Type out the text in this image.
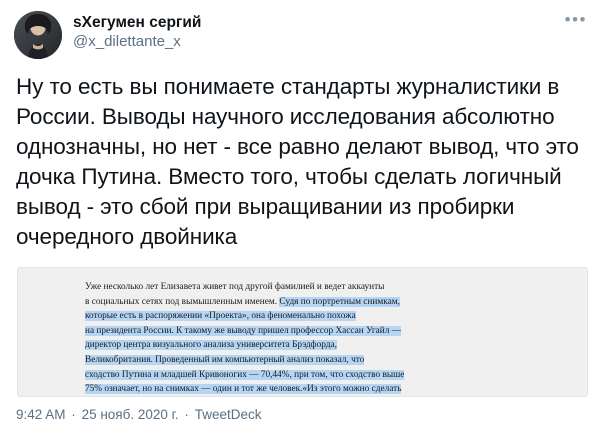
sХегумен сергий
@x_dilettante_x
•••
Ну то есть вы понимаете стандарты журналистики в России. Выводы научного исследования абсолютно однозначны, но нет - все равно делают вывод, что это дочка Путина. Вместо того, чтобы сделать логичный вывод - это сбой при выращивании из пробирки очередного двойника
Уже несколько лет Елизавета живет под другой фамилией и ведет аккаунты
в социальных сетях под вымышленным именем. Судя по портретным снимкам,
которые есть в распоряжении «Проекта», она феноменально похожа
на президента России. К такому же выводу пришел профессор Хассан Угайл —
директор центра визуального анализа университета Брэдфорда,
Великобритания. Проведенный им компьютерный анализ показал, что
сходство Путина и младшей Кривоногих — 70,44%, при том, что сходство выше
75% означает, но на снимках — один и тот же человек.«Из этого можно сделать
9:42 AM · 25 нояб. 2020 г. · TweetDeck
